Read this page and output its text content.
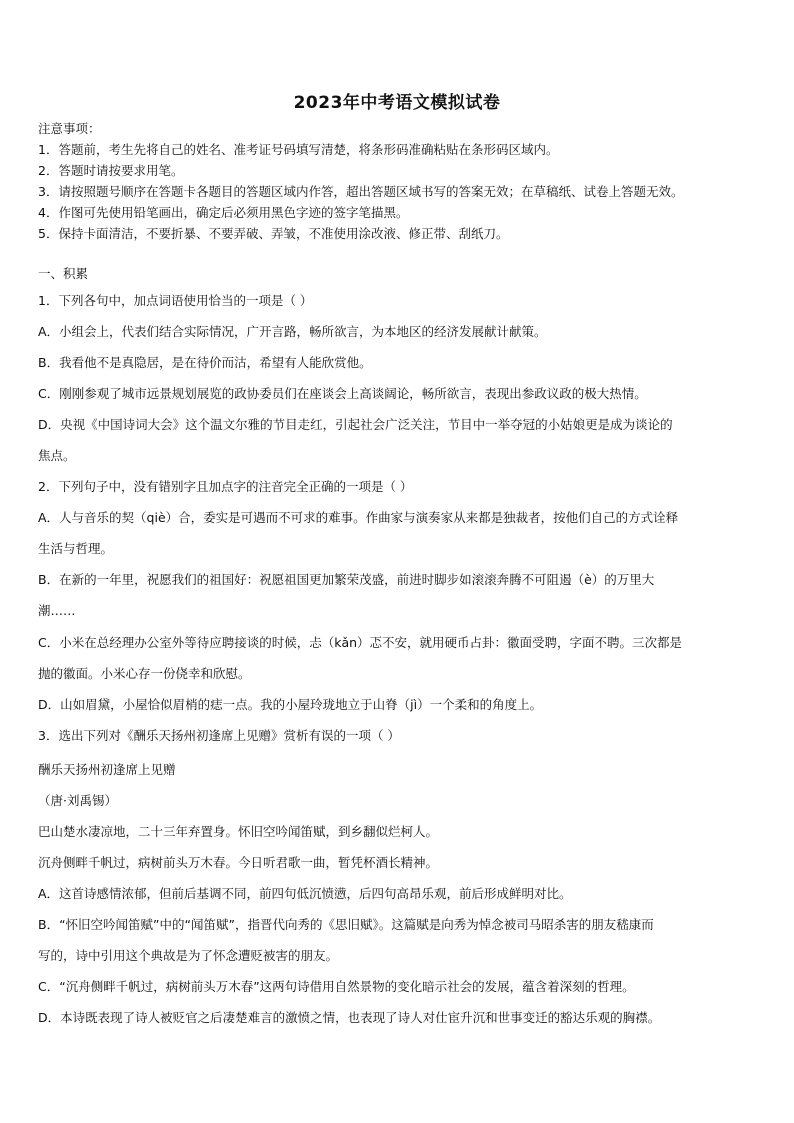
2023年中考语文模拟试卷
注意事项：
1．答题前，考生先将自己的姓名、准考证号码填写清楚，将条形码准确粘贴在条形码区域内。
2．答题时请按要求用笔。
3．请按照题号顺序在答题卡各题目的答题区域内作答，超出答题区域书写的答案无效；在草稿纸、试卷上答题无效。
4．作图可先使用铅笔画出，确定后必须用黑色字迹的签字笔描黑。
5．保持卡面清洁，不要折暴、不要弄破、弄皱，不准使用涂改液、修正带、刮纸刀。
一、积累
1．下列各句中，加点词语使用恰当的一项是（ ）
A．小组会上，代表们结合实际情况，广开言路，畅所欲言，为本地区的经济发展献计献策。
B．我看他不是真隐居，是在待价而沽，希望有人能欣赏他。
C．刚刚参观了城市远景规划展览的政协委员们在座谈会上高谈阔论，畅所欲言，表现出参政议政的极大热情。
D．央视《中国诗词大会》这个温文尔雅的节目走红，引起社会广泛关注，节目中一举夺冠的小姑娘更是成为谈论的
焦点。
2．下列句子中，没有错别字且加点字的注音完全正确的一项是（ ）
A．人与音乐的契（qiè）合，委实是可遇而不可求的难事。作曲家与演奏家从来都是独裁者，按他们自己的方式诠释
生活与哲理。
B．在新的一年里，祝愿我们的祖国好：祝愿祖国更加繁荣茂盛，前进时脚步如滚滚奔腾不可阻遏（è）的万里大
潮……
C．小米在总经理办公室外等待应聘接谈的时候，忐（kǎn）忑不安，就用硬币占卦：徽面受聘，字面不聘。三次都是
抛的徽面。小米心存一份侥幸和欣慰。
D．山如眉黛，小屋恰似眉梢的痣一点。我的小屋玲珑地立于山脊（jì）一个柔和的角度上。
3．选出下列对《酬乐天扬州初逢席上见赠》赏析有误的一项（ ）
酬乐天扬州初逢席上见赠
（唐·刘禹锡）
巴山楚水凄凉地，二十三年弃置身。怀旧空吟闻笛赋，到乡翻似烂柯人。
沉舟侧畔千帆过，病树前头万木春。今日听君歌一曲，暂凭杯酒长精神。
A．这首诗感情浓郁，但前后基调不同，前四句低沉愤懑，后四句高昂乐观，前后形成鲜明对比。
B．“怀旧空吟闻笛赋”中的“闻笛赋”，指晋代向秀的《思旧赋》。这篇赋是向秀为悼念被司马昭杀害的朋友嵇康而
写的，诗中引用这个典故是为了怀念遭贬被害的朋友。
C．“沉舟侧畔千帆过，病树前头万木春”这两句诗借用自然景物的变化暗示社会的发展，蕴含着深刻的哲理。
D．本诗既表现了诗人被贬官之后凄楚难言的激愤之情，也表现了诗人对仕宦升沉和世事变迁的豁达乐观的胸襟。
